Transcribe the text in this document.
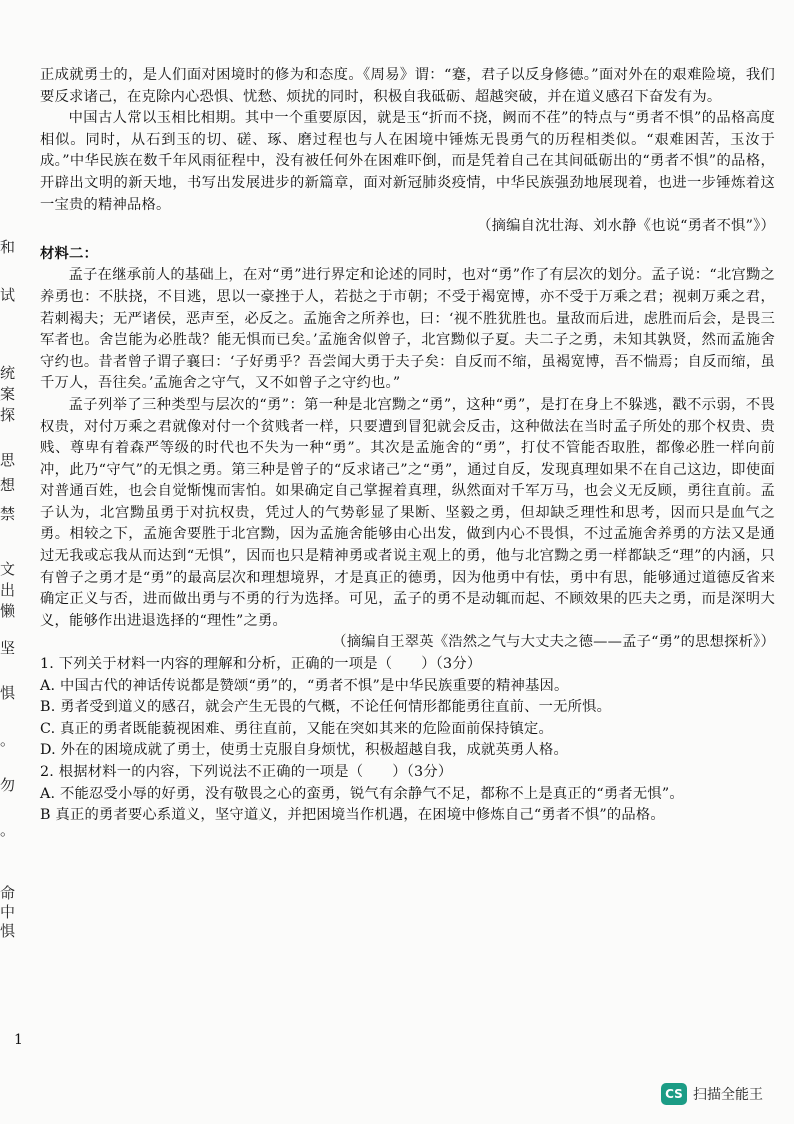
和
试
统
案
探
思
想
禁
文
出
懒
坚
惧
。
勿
。
命
中
惧

正成就勇士的，是人们面对困境时的修为和态度。《周易》谓：“蹇，君子以反身修德。”面对外在的艰难险境，我们要反求诸己，在克除内心恐惧、忧愁、烦扰的同时，积极自我砥砺、超越突破，并在道义感召下奋发有为。

中国古人常以玉相比相期。其中一个重要原因，就是玉“折而不挠，阙而不荏”的特点与“勇者不惧”的品格高度相似。同时，从石到玉的切、磋、琢、磨过程也与人在困境中锤炼无畏勇气的历程相类似。“艰难困苦，玉汝于成。”中华民族在数千年风雨征程中，没有被任何外在困难吓倒，而是凭着自己在其间砥砺出的“勇者不惧”的品格，开辟出文明的新天地，书写出发展进步的新篇章，面对新冠肺炎疫情，中华民族强劲地展现着，也进一步锤炼着这一宝贵的精神品格。

（摘编自沈壮海、刘水静《也说“勇者不惧”》）

材料二：

孟子在继承前人的基础上，在对“勇”进行界定和论述的同时，也对“勇”作了有层次的划分。孟子说：“北宫黝之养勇也：不肤挠，不目逃，思以一豪挫于人，若挞之于市朝；不受于褐宽博，亦不受于万乘之君；视刺万乘之君，若刺褐夫；无严诸侯，恶声至，必反之。孟施舍之所养也，曰：‘视不胜犹胜也。量敌而后进，虑胜而后会，是畏三军者也。舍岂能为必胜哉？能无惧而已矣。’孟施舍似曾子，北宫黝似子夏。夫二子之勇，未知其孰贤，然而孟施舍守约也。昔者曾子谓子襄曰：‘子好勇乎？吾尝闻大勇于夫子矣：自反而不缩，虽褐宽博，吾不惴焉；自反而缩，虽千万人，吾往矣。’孟施舍之守气，又不如曾子之守约也。”

孟子列举了三种类型与层次的“勇”：第一种是北宫黝之“勇”，这种“勇”，是打在身上不躲逃，戳不示弱，不畏权贵，对付万乘之君就像对付一个贫贱者一样，只要遭到冒犯就会反击，这种做法在当时孟子所处的那个权贵、贵贱、尊卑有着森严等级的时代也不失为一种“勇”。其次是孟施舍的“勇”，打仗不管能否取胜，都像必胜一样向前冲，此乃“守气”的无惧之勇。第三种是曾子的“反求诸己”之“勇”，通过自反，发现真理如果不在自己这边，即使面对普通百姓，也会自觉惭愧而害怕。如果确定自己掌握着真理，纵然面对千军万马，也会义无反顾，勇往直前。孟子认为，北宫黝虽勇于对抗权贵，凭过人的气势彰显了果断、坚毅之勇，但却缺乏理性和思考，因而只是血气之勇。相较之下，孟施舍要胜于北宫黝，因为孟施舍能够由心出发，做到内心不畏惧，不过孟施舍养勇的方法又是通过无我或忘我从而达到“无惧”，因而也只是精神勇或者说主观上的勇，他与北宫黝之勇一样都缺乏“理”的内涵，只有曾子之勇才是“勇”的最高层次和理想境界，才是真正的德勇，因为他勇中有怯，勇中有思，能够通过道德反省来确定正义与否，进而做出勇与不勇的行为选择。可见，孟子的勇不是动辄而起、不顾效果的匹夫之勇，而是深明大义，能够作出进退选择的“理性”之勇。

（摘编自王翠英《浩然之气与大丈夫之德——孟子“勇”的思想探析》）

1. 下列关于材料一内容的理解和分析，正确的一项是（　　）（3分）

A. 中国古代的神话传说都是赞颂“勇”的，“勇者不惧”是中华民族重要的精神基因。

B. 勇者受到道义的感召，就会产生无畏的气概，不论任何情形都能勇往直前、一无所惧。

C. 真正的勇者既能藐视困难、勇往直前，又能在突如其来的危险面前保持镇定。

D. 外在的困境成就了勇士，使勇士克服自身烦忧，积极超越自我，成就英勇人格。

2. 根据材料一的内容，下列说法不正确的一项是（　　）（3分）

A. 不能忍受小辱的好勇，没有敬畏之心的蛮勇，锐气有余静气不足，都称不上是真正的“勇者无惧”。

B 真正的勇者要心系道义，坚守道义，并把困境当作机遇，在困境中修炼自己“勇者不惧”的品格。

1
CS 扫描全能王
